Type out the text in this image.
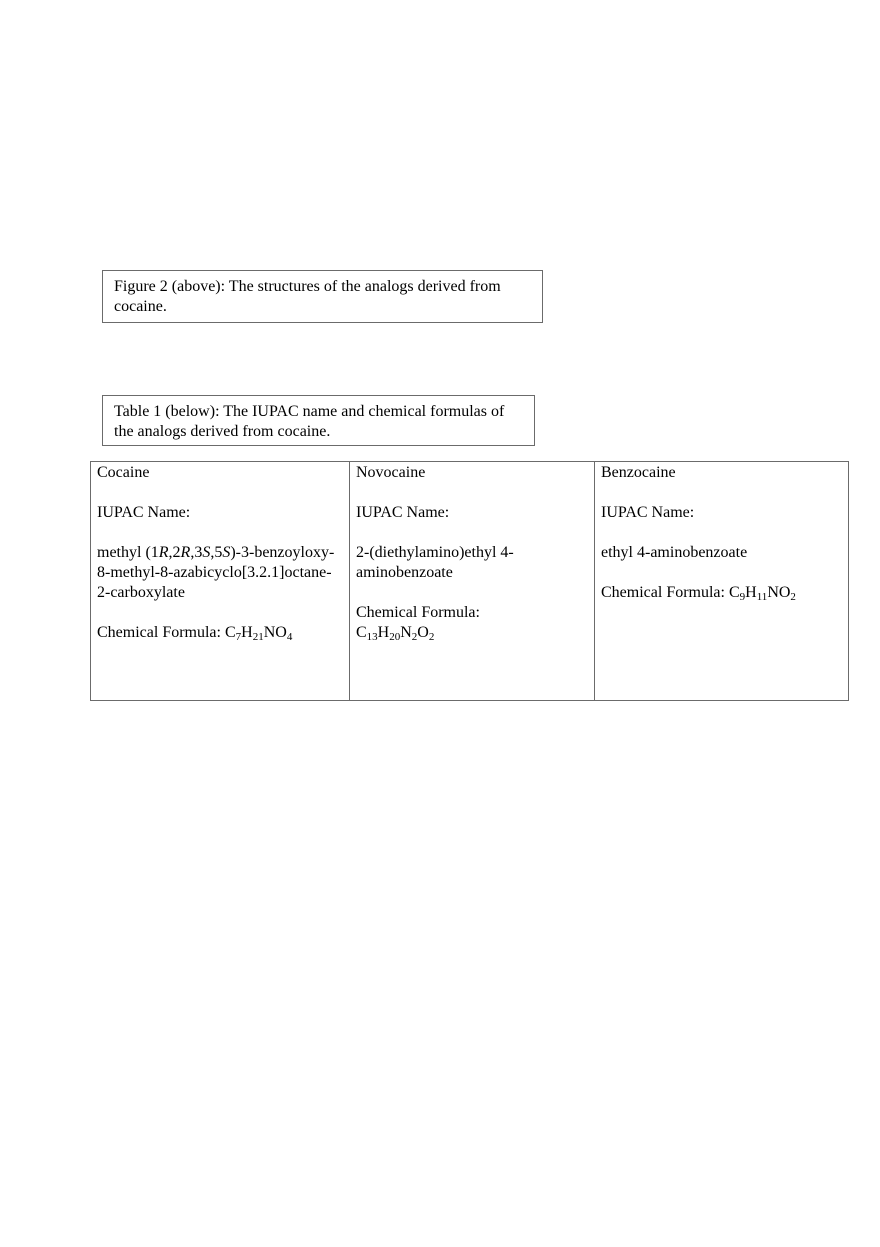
Figure 2 (above): The structures of the analogs derived from cocaine.
Table 1 (below): The IUPAC name and chemical formulas of the analogs derived from cocaine.
Cocaine
IUPAC Name:
methyl (1R,2R,3S,5S)-3-benzoyloxy-8-methyl-8-azabicyclo[3.2.1]octane-2-carboxylate
Chemical Formula: $C_7H_{21}NO_4$

Novocaine
IUPAC Name:
2-(diethylamino)ethyl 4-aminobenzoate
Chemical Formula:
$C_{13}H_{20}N_2O_2$

Benzocaine
IUPAC Name:
ethyl 4-aminobenzoate
Chemical Formula: $C_9H_{11}NO_2$
